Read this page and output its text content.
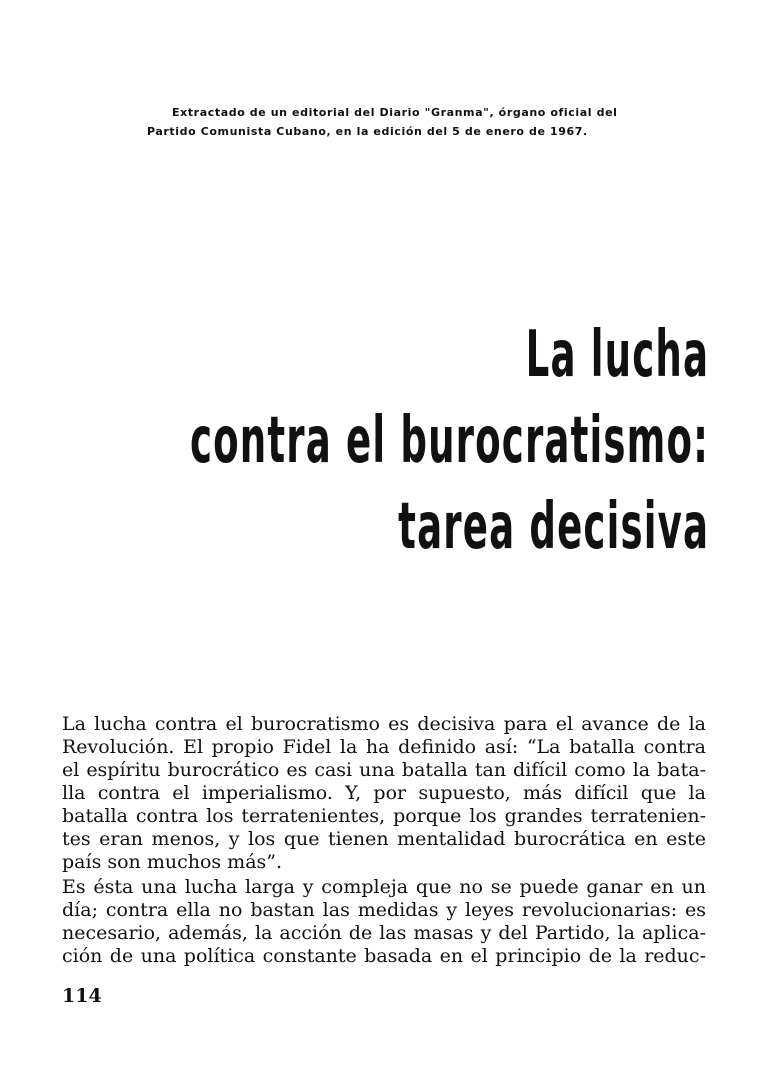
Extractado de un editorial del Diario "Granma", órgano oficial del
Partido Comunista Cubano, en la edición del 5 de enero de 1967.
La lucha
contra el burocratismo:
tarea decisiva
La lucha contra el burocratismo es decisiva para el avance de la
Revolución. El propio Fidel la ha definido así: “La batalla contra
el espíritu burocrático es casi una batalla tan difícil como la bata-
lla contra el imperialismo. Y, por supuesto, más difícil que la
batalla contra los terratenientes, porque los grandes terratenien-
tes eran menos, y los que tienen mentalidad burocrática en este
país son muchos más”.
Es ésta una lucha larga y compleja que no se puede ganar en un
día; contra ella no bastan las medidas y leyes revolucionarias: es
necesario, además, la acción de las masas y del Partido, la aplica-
ción de una política constante basada en el principio de la reduc-
114
